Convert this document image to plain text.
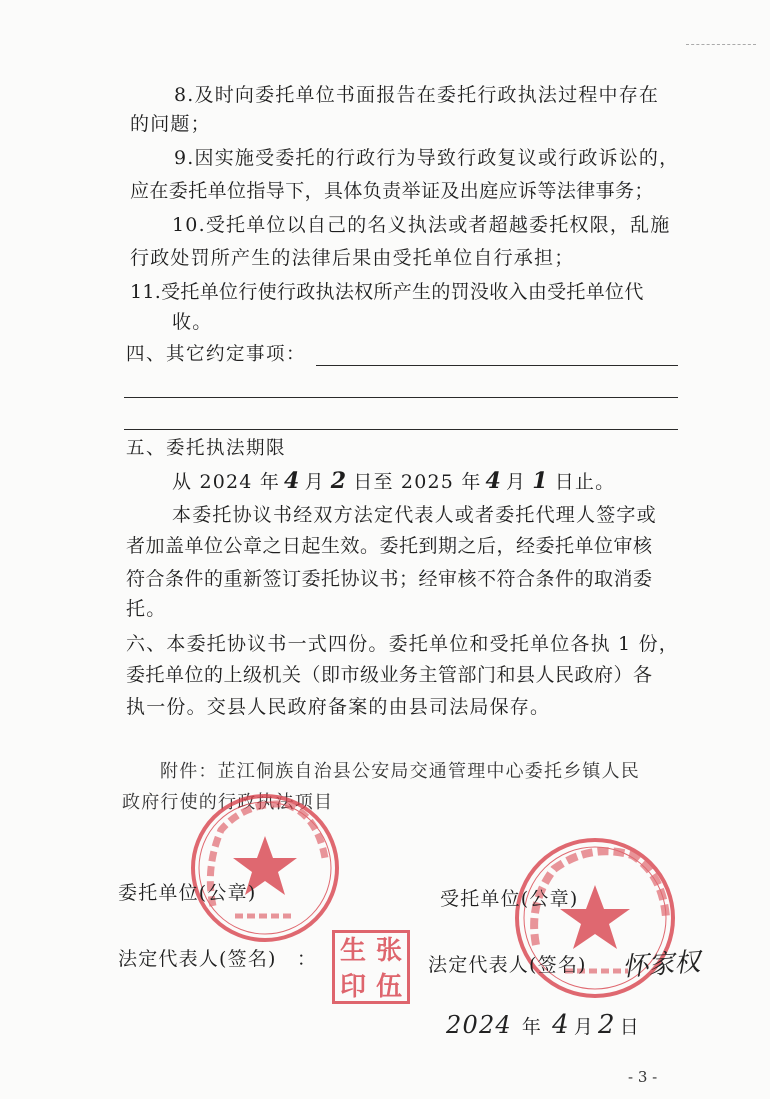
8.及时向委托单位书面报告在委托行政执法过程中存在
的问题；
9.因实施受委托的行政行为导致行政复议或行政诉讼的，
应在委托单位指导下，具体负责举证及出庭应诉等法律事务；
10.受托单位以自己的名义执法或者超越委托权限，乱施
行政处罚所产生的法律后果由受托单位自行承担；
11.受托单位行使行政执法权所产生的罚没收入由受托单位代
收。
四、其它约定事项：
五、委托执法期限
从 2024 年 4 月 2 日至 2025 年 4 月 1 日止。
本委托协议书经双方法定代表人或者委托代理人签字或
者加盖单位公章之日起生效。委托到期之后，经委托单位审核
符合条件的重新签订委托协议书；经审核不符合条件的取消委
托。
六、本委托协议书一式四份。委托单位和受托单位各执 1 份，
委托单位的上级机关（即市级业务主管部门和县人民政府）各
执一份。交县人民政府备案的由县司法局保存。
附件：芷江侗族自治县公安局交通管理中心委托乡镇人民
政府行使的行政执法项目
委托单位(公章)	受托单位(公章)
法定代表人(签名)　：	法定代表人(签名)
生 张
印 伍
怀家权
2024 年 4 月 2 日
- 3 -
